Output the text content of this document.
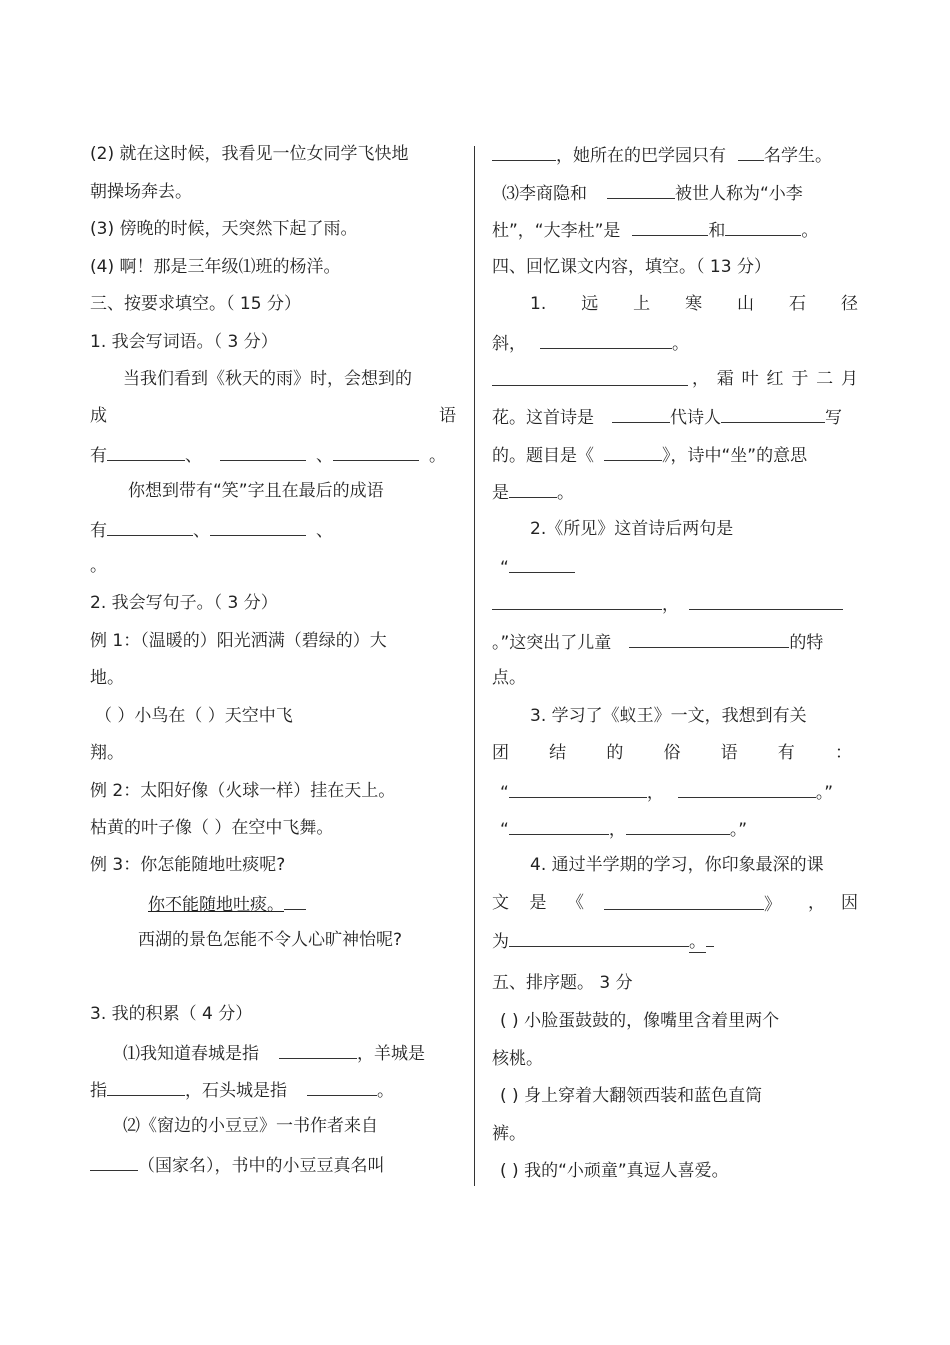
(2) 就在这时候，我看见一位女同学飞快地
朝操场奔去。
(3) 傍晚的时候，天突然下起了雨。
(4) 啊！那是三年级⑴班的杨洋。
三、按要求填空。（ 15 分）
1. 我会写词语。（ 3 分）
当我们看到《秋天的雨》时，会想到的
成	语
有	、	、	。
你想到带有“笑”字且在最后的成语
有	、	、
。
2. 我会写句子。（ 3 分）
例 1：（温暖的）阳光洒满（碧绿的）大
地。
（ ）小鸟在（ ）天空中飞
翔。
例 2：太阳好像（火球一样）挂在天上。
枯黄的叶子像（ ）在空中飞舞。
例 3：你怎能随地吐痰呢?
你不能随地吐痰。
西湖的景色怎能不令人心旷神怡呢?
3. 我的积累（ 4 分）
⑴我知道春城是指	，羊城是
指	，石头城是指	。
⑵《窗边的小豆豆》一书作者来自
（国家名），书中的小豆豆真名叫
，她所在的巴学园只有 名学生。
⑶李商隐和	被世人称为“小李
杜”，“大李杜”是	和	。
四、回忆课文内容，填空。（ 13 分）
1. 远 上 寒 山 石 径
斜，	。
， 霜 叶 红 于 二 月
花。这首诗是	代诗人	写
的。题目是《	》，诗中“坐”的意思
是	。
2.《所见》这首诗后两句是
“
，
。”这突出了儿童	的特
点。
3. 学习了《蚁王》一文，我想到有关
团 结 的 俗 语 有 ：
“	，	。”
“	，	。”
4. 通过半学期的学习，你印象最深的课
文 是 《	》 ， 因
为	。
五、排序题。 3 分
( ) 小脸蛋鼓鼓的，像嘴里含着里两个
核桃。
( ) 身上穿着大翻领西装和蓝色直筒
裤。
( ) 我的“小顽童”真逗人喜爱。
